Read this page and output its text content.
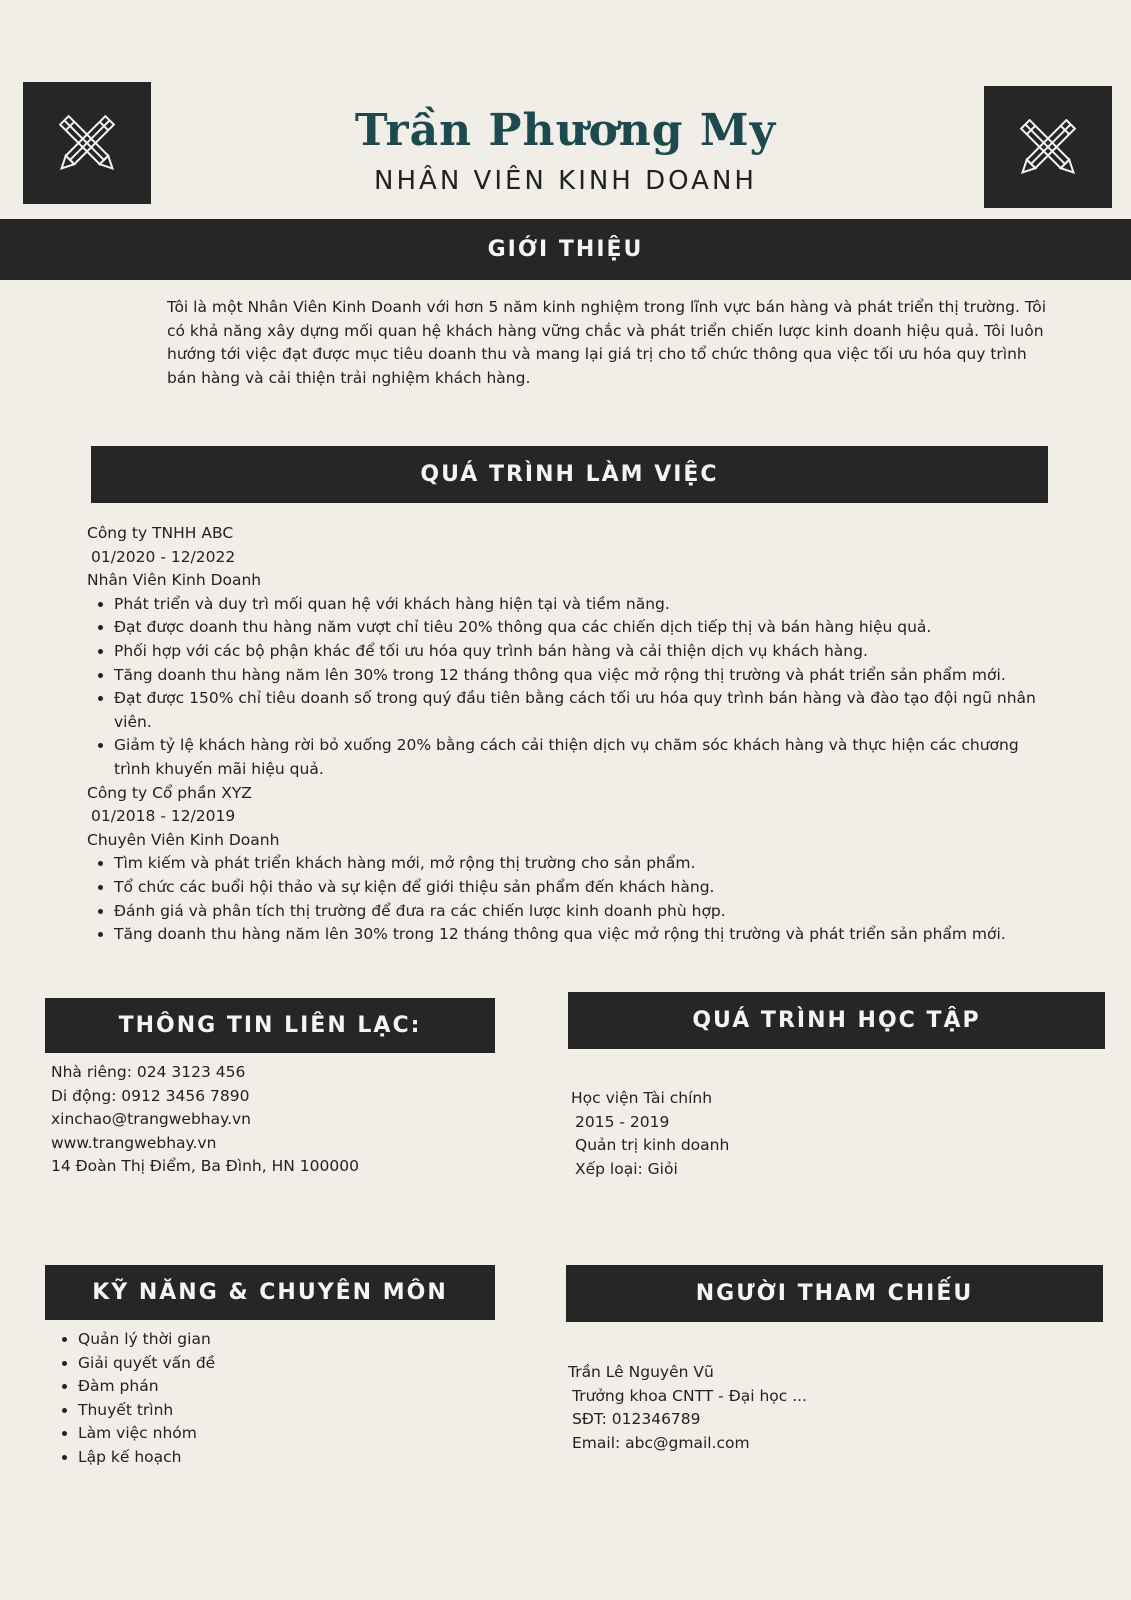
Trần Phương My
NHÂN VIÊN KINH DOANH
GIỚI THIỆU
Tôi là một Nhân Viên Kinh Doanh với hơn 5 năm kinh nghiệm trong lĩnh vực bán hàng và phát triển thị trường. Tôi có khả năng xây dựng mối quan hệ khách hàng vững chắc và phát triển chiến lược kinh doanh hiệu quả. Tôi luôn hướng tới việc đạt được mục tiêu doanh thu và mang lại giá trị cho tổ chức thông qua việc tối ưu hóa quy trình bán hàng và cải thiện trải nghiệm khách hàng.
QUÁ TRÌNH LÀM VIỆC

Công ty TNHH ABC

01/2020 - 12/2022

Nhân Viên Kinh Doanh

• Phát triển và duy trì mối quan hệ với khách hàng hiện tại và tiềm năng.
• Đạt được doanh thu hàng năm vượt chỉ tiêu 20% thông qua các chiến dịch tiếp thị và bán hàng hiệu quả.
• Phối hợp với các bộ phận khác để tối ưu hóa quy trình bán hàng và cải thiện dịch vụ khách hàng.
• Tăng doanh thu hàng năm lên 30% trong 12 tháng thông qua việc mở rộng thị trường và phát triển sản phẩm mới.
• Đạt được 150% chỉ tiêu doanh số trong quý đầu tiên bằng cách tối ưu hóa quy trình bán hàng và đào tạo đội ngũ nhân viên.
• Giảm tỷ lệ khách hàng rời bỏ xuống 20% bằng cách cải thiện dịch vụ chăm sóc khách hàng và thực hiện các chương trình khuyến mãi hiệu quả.

Công ty Cổ phần XYZ

01/2018 - 12/2019

Chuyên Viên Kinh Doanh

• Tìm kiếm và phát triển khách hàng mới, mở rộng thị trường cho sản phẩm.
• Tổ chức các buổi hội thảo và sự kiện để giới thiệu sản phẩm đến khách hàng.
• Đánh giá và phân tích thị trường để đưa ra các chiến lược kinh doanh phù hợp.
• Tăng doanh thu hàng năm lên 30% trong 12 tháng thông qua việc mở rộng thị trường và phát triển sản phẩm mới.
THÔNG TIN LIÊN LẠC:

Nhà riêng: 024 3123 456

Di động: 0912 3456 7890

xinchao@trangwebhay.vn

www.trangwebhay.vn

14 Đoàn Thị Điểm, Ba Đình, HN 100000

QUÁ TRÌNH HỌC TẬP

Học viện Tài chính

2015 - 2019

Quản trị kinh doanh

Xếp loại: Giỏi

KỸ NĂNG & CHUYÊN MÔN
• Quản lý thời gian
• Giải quyết vấn đề
• Đàm phán
• Thuyết trình
• Làm việc nhóm
• Lập kế hoạch
NGƯỜI THAM CHIẾU

Trần Lê Nguyên Vũ

Trưởng khoa CNTT - Đại học ...

SĐT: 012346789

Email: abc@gmail.com
